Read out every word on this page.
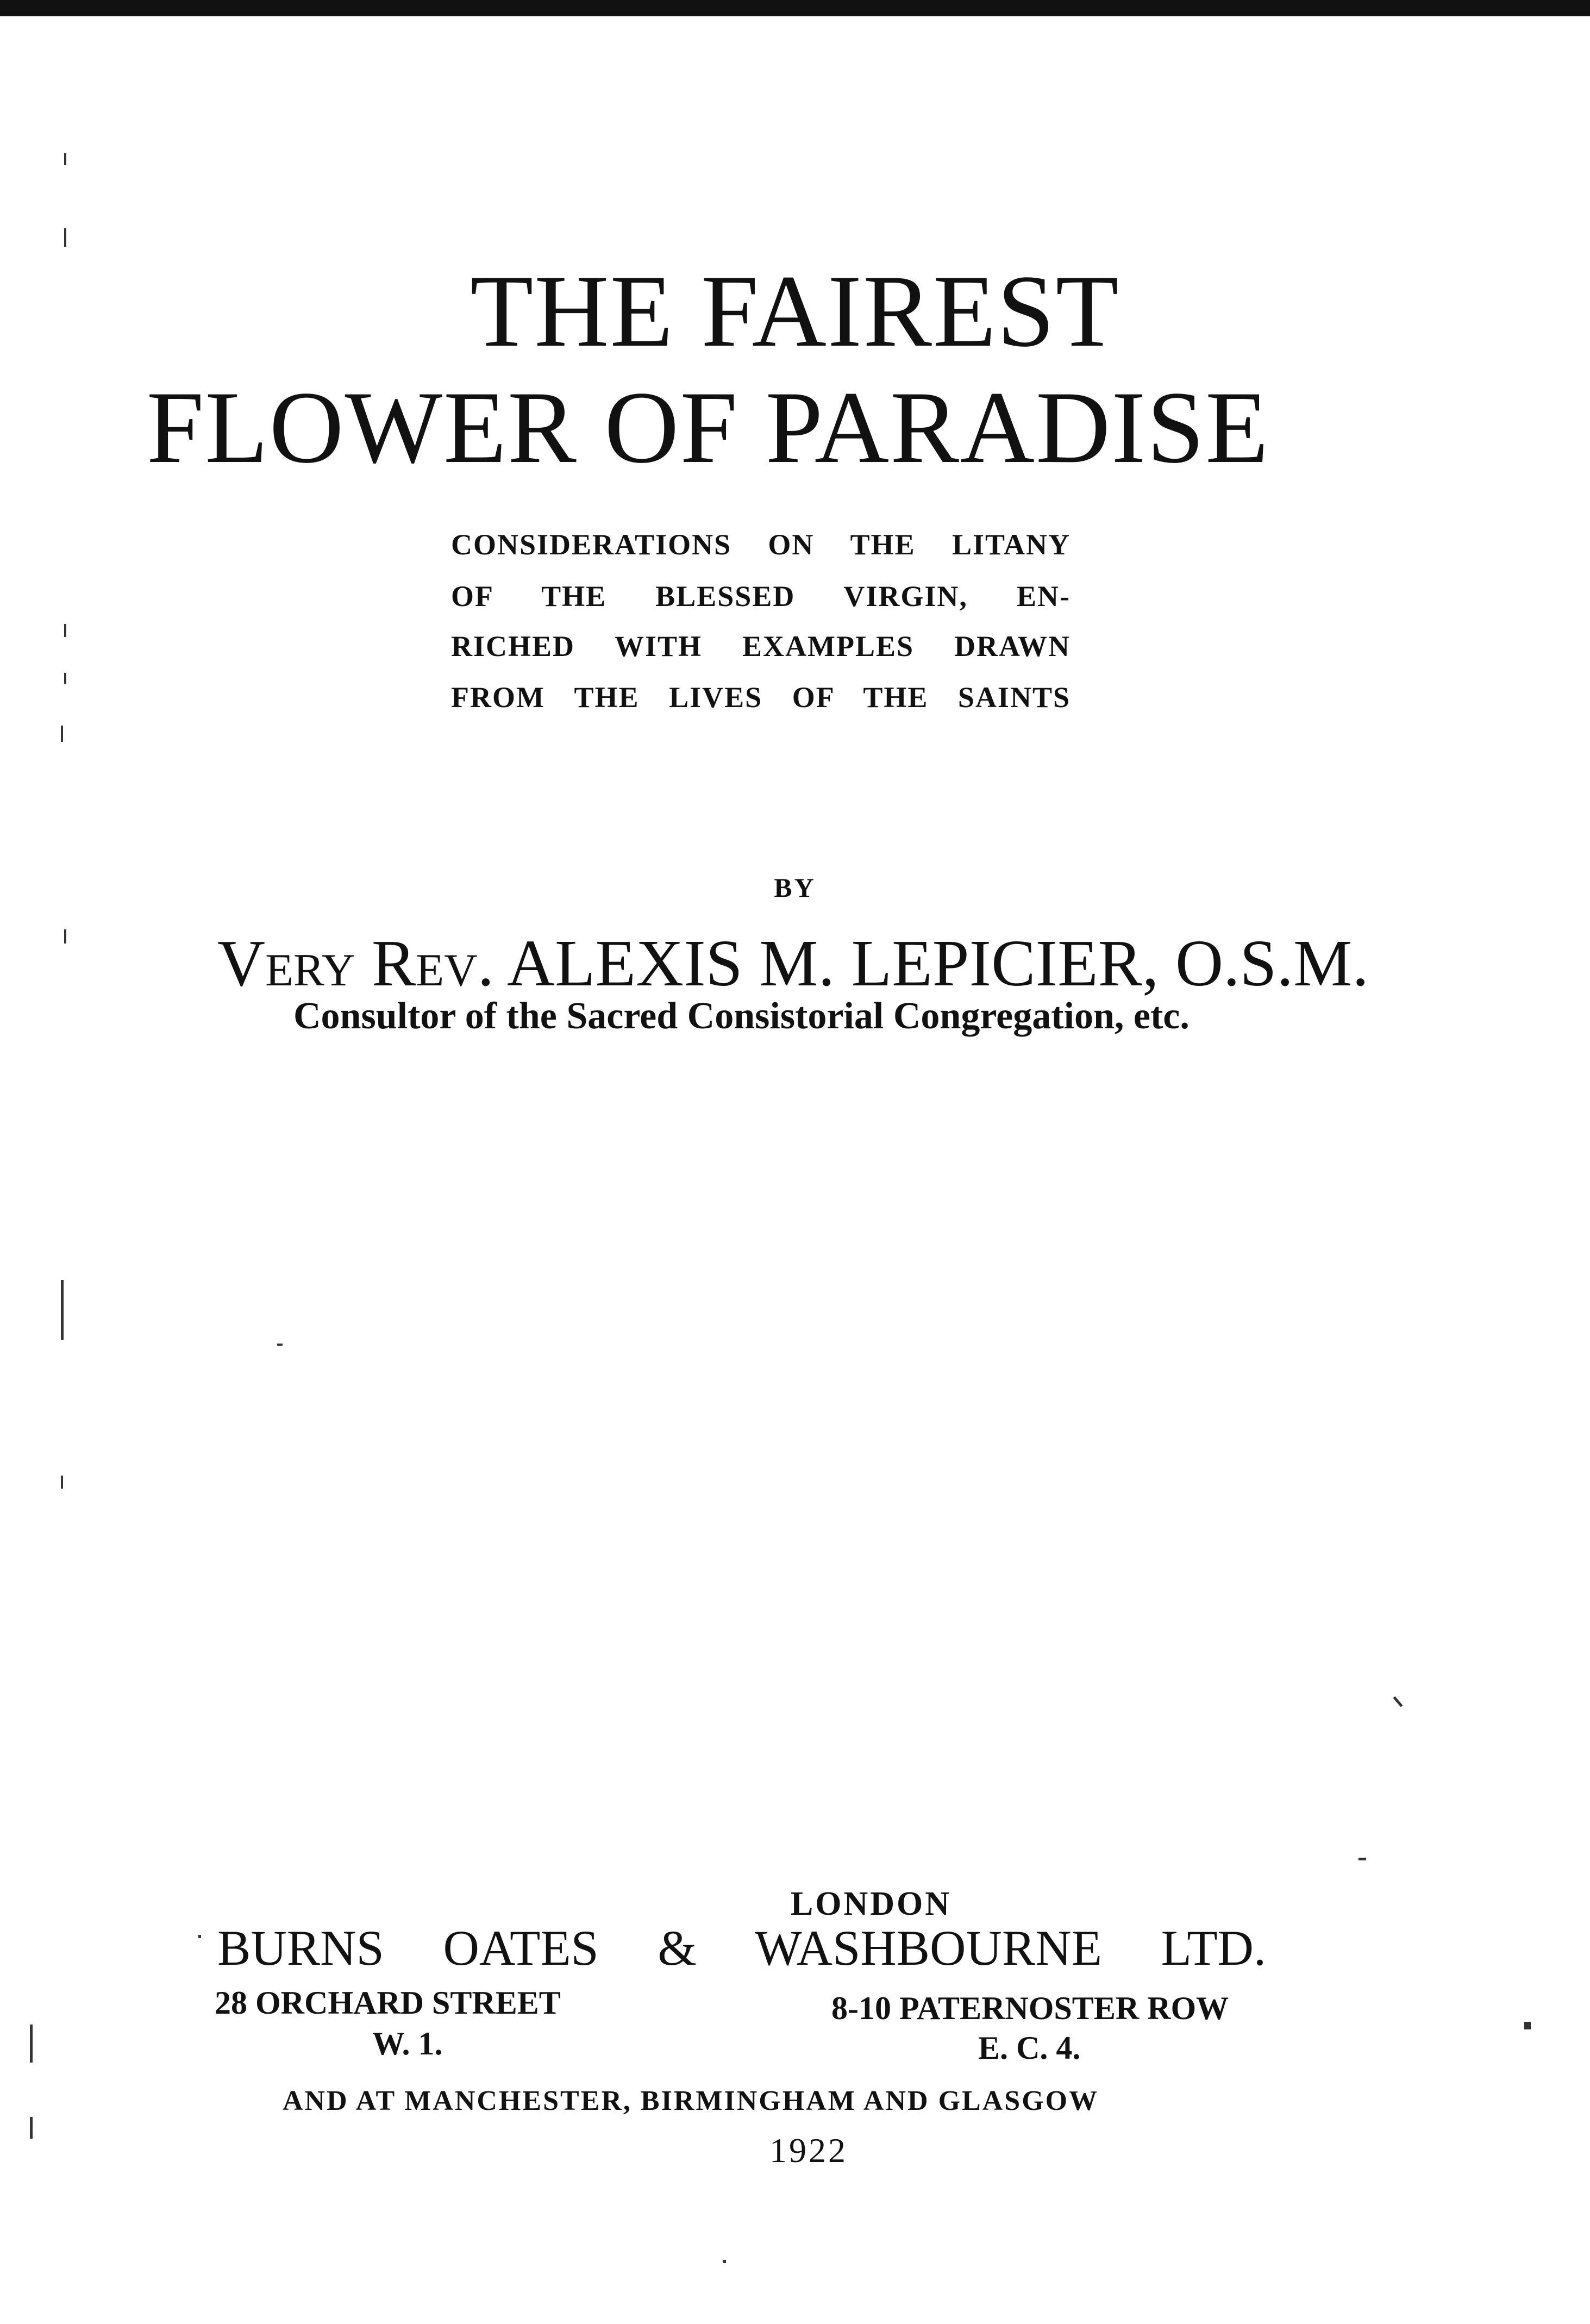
THE FAIREST
FLOWER OF PARADISE
CONSIDERATIONS ON THE LITANY
OF THE BLESSED VIRGIN, EN-
RICHED WITH EXAMPLES DRAWN
FROM THE LIVES OF THE SAINTS
BY
Very Rev. ALEXIS M. LEPICIER, O.S.M.
Consultor of the Sacred Consistorial Congregation, etc.
LONDON
BURNS OATES & WASHBOURNE LTD.
28 ORCHARD STREET
W. 1.
8-10 PATERNOSTER ROW
E. C. 4.
AND AT MANCHESTER, BIRMINGHAM AND GLASGOW
1922
